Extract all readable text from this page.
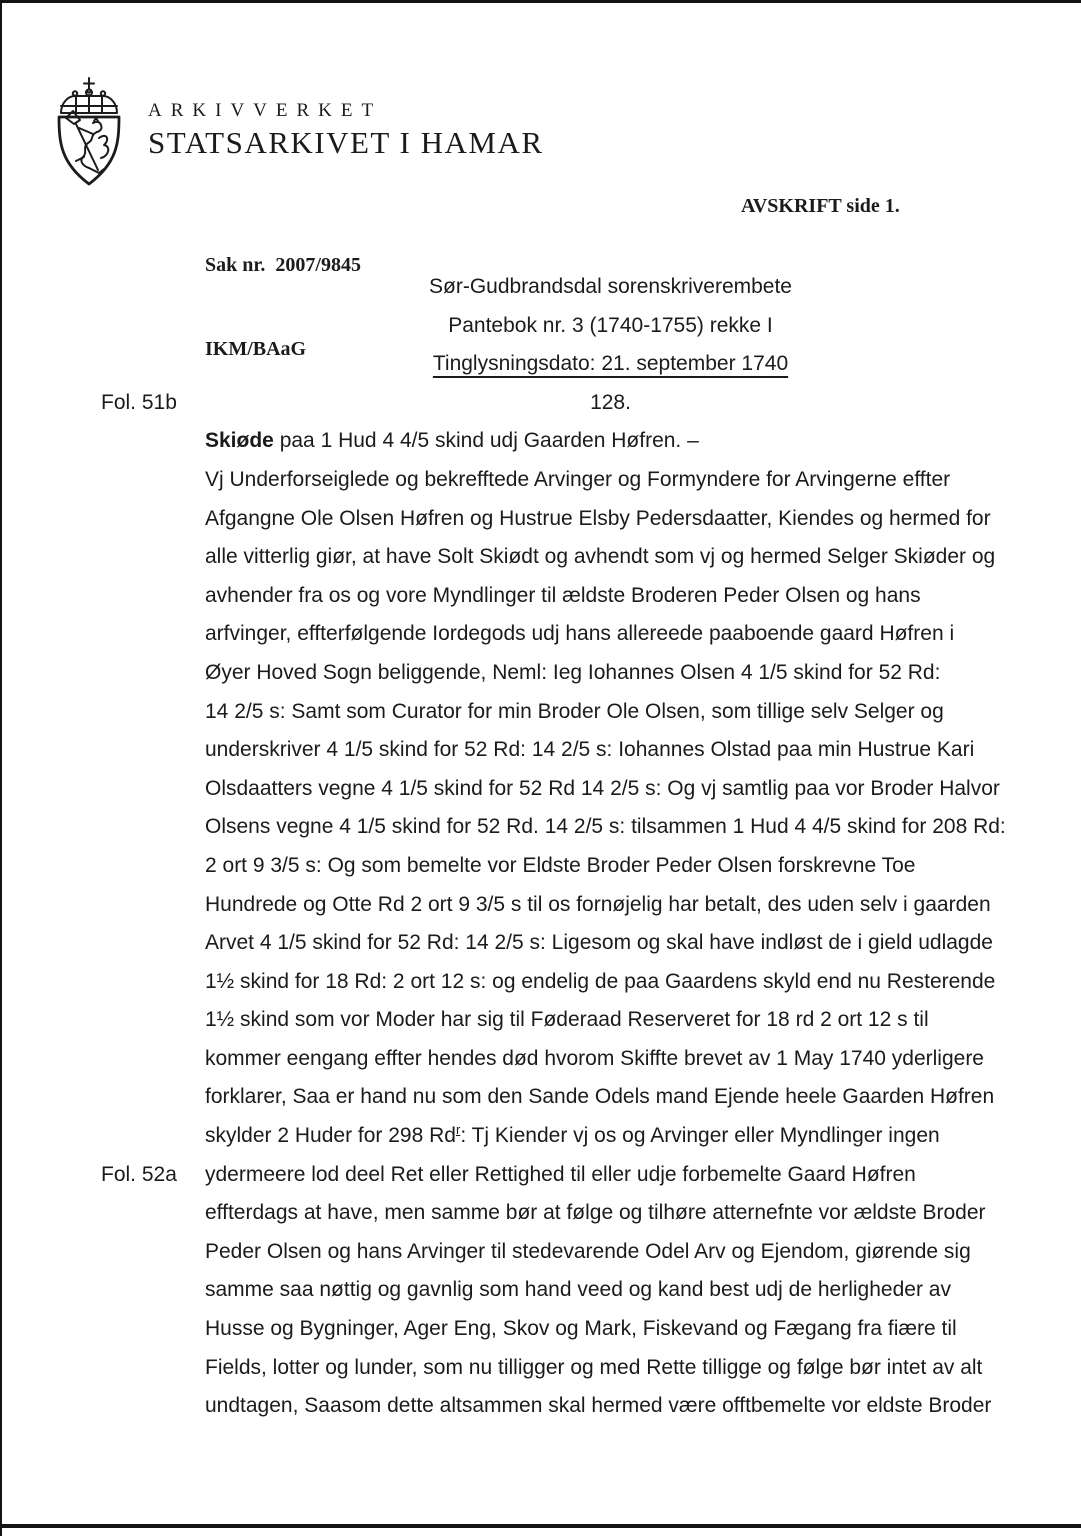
ARKIVVERKET
STATSARKIVET I HAMAR

Sak nr.  2007/9845

IKM/BAaG

AVSKRIFT side 1.
Sør-Gudbrandsdal sorenskriverembete
Pantebok nr. 3 (1740-1755) rekke I
Tinglysningsdato: 21. september 1740
Fol. 51b	128.
Skiøde paa 1 Hud 4 4/5 skind udj Gaarden Høfren. –
Vj Underforseiglede og bekrefftede Arvinger og Formyndere for Arvingerne effter
Afgangne Ole Olsen Høfren og Hustrue Elsby Pedersdaatter, Kiendes og hermed for
alle vitterlig giør, at have Solt Skiødt og avhendt som vj og hermed Selger Skiøder og
avhender fra os og vore Myndlinger til ældste Broderen Peder Olsen og hans
arfvinger, effterfølgende Iordegods udj hans allereede paaboende gaard Høfren i
Øyer Hoved Sogn beliggende, Neml: Ieg Iohannes Olsen 4 1/5 skind for 52 Rd:
14 2/5 s: Samt som Curator for min Broder Ole Olsen, som tillige selv Selger og
underskriver 4 1/5 skind for 52 Rd: 14 2/5 s: Iohannes Olstad paa min Hustrue Kari
Olsdaatters vegne 4 1/5 skind for 52 Rd 14 2/5 s: Og vj samtlig paa vor Broder Halvor
Olsens vegne 4 1/5 skind for 52 Rd. 14 2/5 s: tilsammen 1 Hud 4 4/5 skind for 208 Rd:
2 ort 9 3/5 s: Og som bemelte vor Eldste Broder Peder Olsen forskrevne Toe
Hundrede og Otte Rd 2 ort 9 3/5 s til os fornøjelig har betalt, des uden selv i gaarden
Arvet 4 1/5 skind for 52 Rd: 14 2/5 s: Ligesom og skal have indløst de i gield udlagde
1½ skind for 18 Rd: 2 ort 12 s: og endelig de paa Gaardens skyld end nu Resterende
1½ skind som vor Moder har sig til Føderaad Reserveret for 18 rd 2 ort 12 s til
kommer eengang effter hendes død hvorom Skiffte brevet av 1 May 1740 yderligere
forklarer, Saa er hand nu som den Sande Odels mand Ejende heele Gaarden Høfren
skylder 2 Huder for 298 Rd$^r$: Tj Kiender vj os og Arvinger eller Myndlinger ingen
Fol. 52a ydermeere lod deel Ret eller Rettighed til eller udje forbemelte Gaard Høfren
effterdags at have, men samme bør at følge og tilhøre atternefnte vor ældste Broder
Peder Olsen og hans Arvinger til stedevarende Odel Arv og Ejendom, giørende sig
samme saa nøttig og gavnlig som hand veed og kand best udj de herligheder av
Husse og Bygninger, Ager Eng, Skov og Mark, Fiskevand og Fægang fra fiære til
Fields, lotter og lunder, som nu tilligger og med Rette tilligge og følge bør intet av alt
undtagen, Saasom dette altsammen skal hermed være offtbemelte vor eldste Broder
